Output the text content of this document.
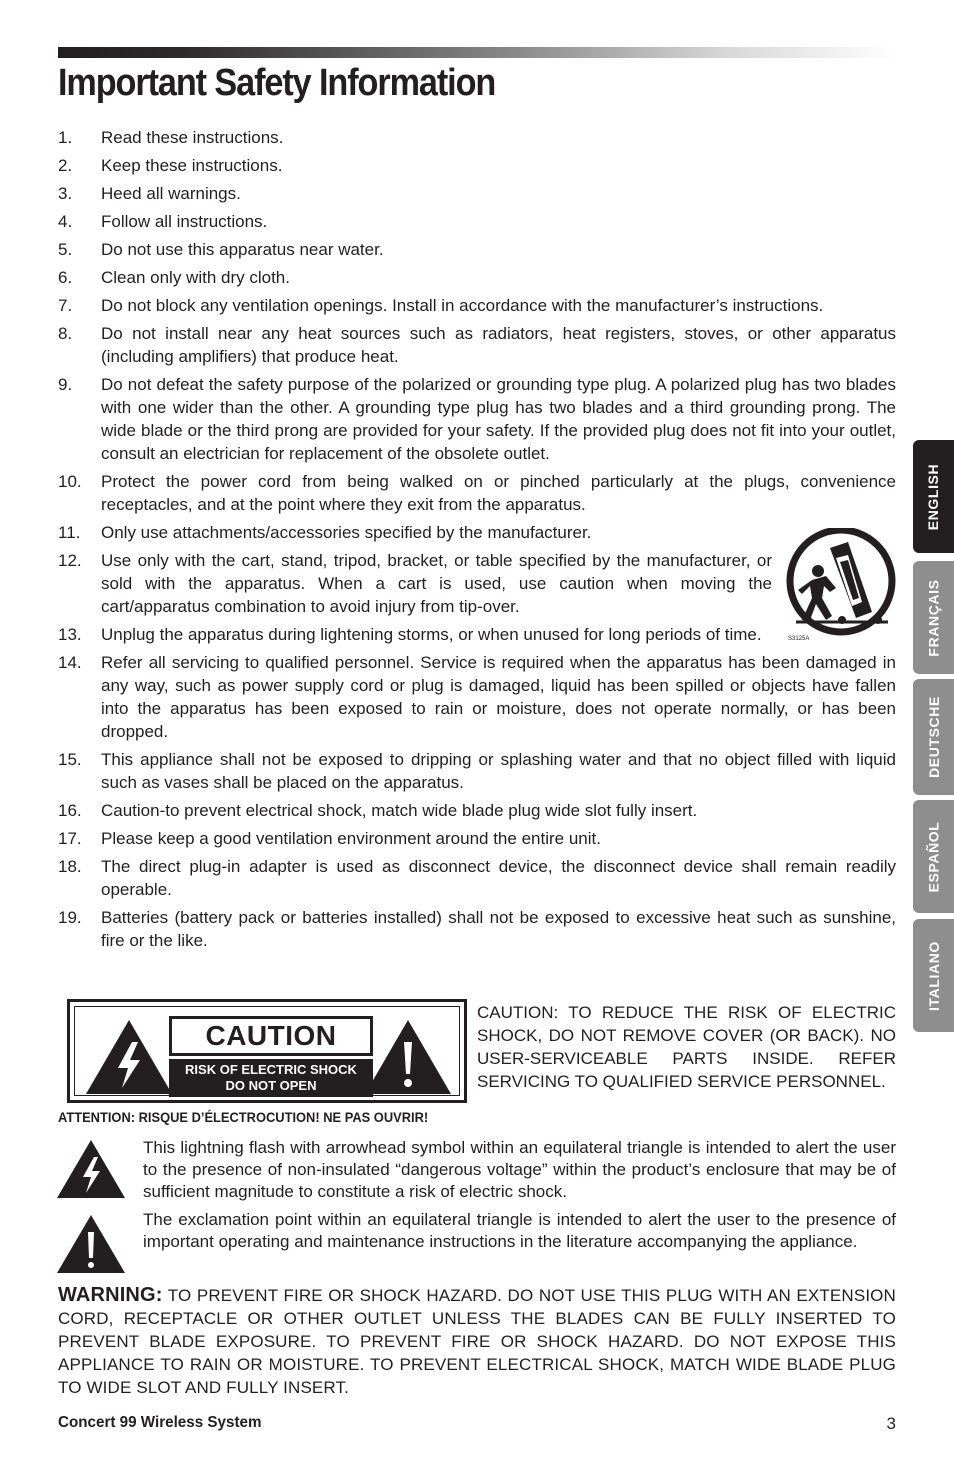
Important Safety Information
1. Read these instructions.
2. Keep these instructions.
3. Heed all warnings.
4. Follow all instructions.
5. Do not use this apparatus near water.
6. Clean only with dry cloth.
7. Do not block any ventilation openings. Install in accordance with the manufacturer’s instructions.
8. Do not install near any heat sources such as radiators, heat registers, stoves, or other apparatus (including amplifiers) that produce heat.
9. Do not defeat the safety purpose of the polarized or grounding type plug. A polarized plug has two blades with one wider than the other. A grounding type plug has two blades and a third grounding prong. The wide blade or the third prong are provided for your safety. If the provided plug does not fit into your outlet, consult an electrician for replacement of the obsolete outlet.
10. Protect the power cord from being walked on or pinched particularly at the plugs, convenience receptacles, and at the point where they exit from the apparatus.
11. Only use attachments/accessories specified by the manufacturer.
12. Use only with the cart, stand, tripod, bracket, or table specified by the manufacturer, or sold with the apparatus. When a cart is used, use caution when moving the cart/apparatus combination to avoid injury from tip-over.
13. Unplug the apparatus during lightening storms, or when unused for long periods of time.
14. Refer all servicing to qualified personnel. Service is required when the apparatus has been damaged in any way, such as power supply cord or plug is damaged, liquid has been spilled or objects have fallen into the apparatus has been exposed to rain or moisture, does not operate normally, or has been dropped.
15. This appliance shall not be exposed to dripping or splashing water and that no object filled with liquid such as vases shall be placed on the apparatus.
16. Caution-to prevent electrical shock, match wide blade plug wide slot fully insert.
17. Please keep a good ventilation environment around the entire unit.
18. The direct plug-in adapter is used as disconnect device, the disconnect device shall remain readily operable.
19. Batteries (battery pack or batteries installed) shall not be exposed to excessive heat such as sunshine, fire or the like.
S3125A
ENGLISH
FRANÇAIS
DEUTSCHE
ESPAÑOL
ITALIANO
CAUTION
RISK OF ELECTRIC SHOCK
DO NOT OPEN

CAUTION: TO REDUCE THE RISK OF ELECTRIC SHOCK, DO NOT REMOVE COVER (OR BACK). NO USER-SERVICEABLE PARTS INSIDE. REFER SERVICING TO QUALIFIED SERVICE PERSONNEL.

ATTENTION: RISQUE D’ÉLECTROCUTION! NE PAS OUVRIR!

This lightning flash with arrowhead symbol within an equilateral triangle is intended to alert the user to the presence of non-insulated “dangerous voltage” within the product’s enclosure that may be of sufficient magnitude to constitute a risk of electric shock.

The exclamation point within an equilateral triangle is intended to alert the user to the presence of important operating and maintenance instructions in the literature accompanying the appliance.

WARNING: TO PREVENT FIRE OR SHOCK HAZARD. DO NOT USE THIS PLUG WITH AN EXTENSION CORD, RECEPTACLE OR OTHER OUTLET UNLESS THE BLADES CAN BE FULLY INSERTED TO PREVENT BLADE EXPOSURE. TO PREVENT FIRE OR SHOCK HAZARD. DO NOT EXPOSE THIS APPLIANCE TO RAIN OR MOISTURE. TO PREVENT ELECTRICAL SHOCK, MATCH WIDE BLADE PLUG TO WIDE SLOT AND FULLY INSERT.

Concert 99 Wireless System	3
